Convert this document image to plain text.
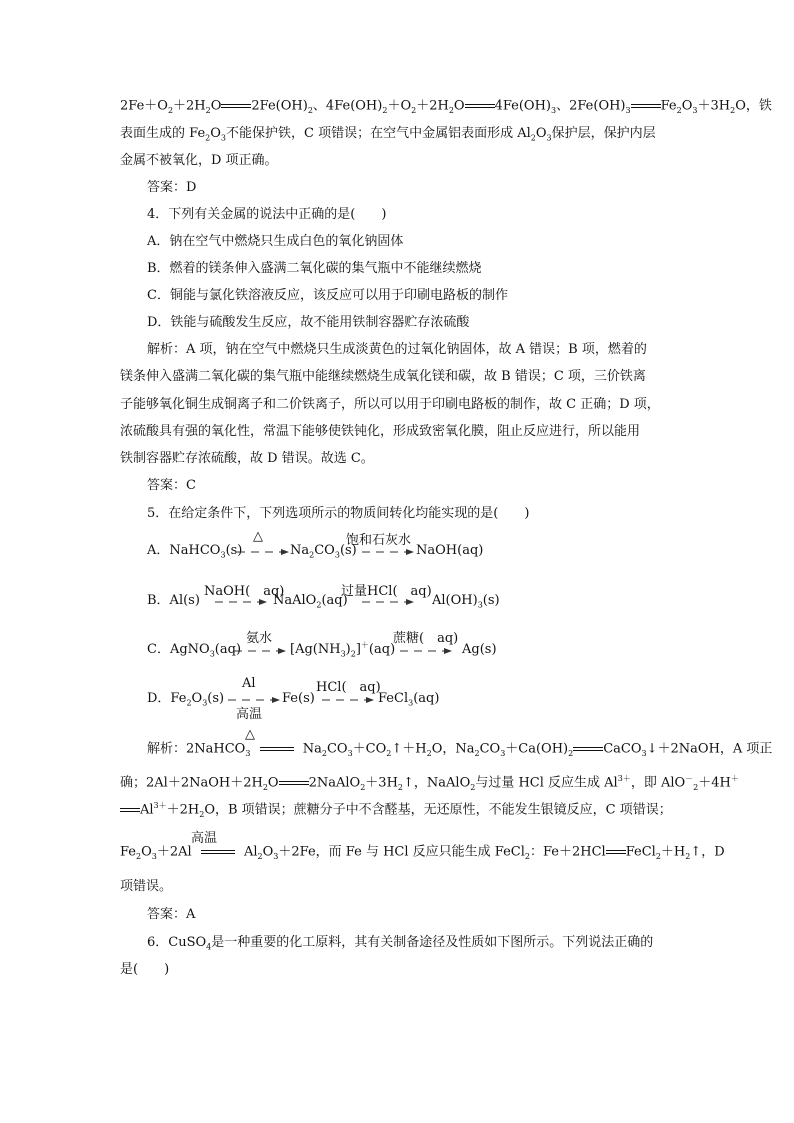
$2Fe+O_2+2H_2O$ $2Fe(OH)_2$、$4Fe(OH)_2+O_2+2H_2O$ $4Fe(OH)_3$、$2Fe(OH)_3$ $Fe_2O_3+3H_2O$，铁
表面生成的 $Fe_2O_3$不能保护铁，C 项错误；在空气中金属铝表面形成 $Al_2O_3$保护层，保护内层
金属不被氧化，D 项正确。
答案：D
4．下列有关金属的说法中正确的是(　　)
A．钠在空气中燃烧只生成白色的氧化钠固体
B．燃着的镁条伸入盛满二氧化碳的集气瓶中不能继续燃烧
C．铜能与氯化铁溶液反应，该反应可以用于印刷电路板的制作
D．铁能与硫酸发生反应，故不能用铁制容器贮存浓硫酸
解析：A 项，钠在空气中燃烧只生成淡黄色的过氧化钠固体，故 A 错误；B 项，燃着的
镁条伸入盛满二氧化碳的集气瓶中能继续燃烧生成氧化镁和碳，故 B 错误；C 项，三价铁离
子能够氧化铜生成铜离子和二价铁离子，所以可以用于印刷电路板的制作，故 C 正确；D 项，
浓硫酸具有强的氧化性，常温下能够使铁钝化，形成致密氧化膜，阻止反应进行，所以能用
铁制容器贮存浓硫酸，故 D 错误。故选 C。
答案：C
5．在给定条件下，下列选项所示的物质间转化均能实现的是(　　)
A．NaHCO$_3$(s)
△
$Na_2CO_3(s)$
饱和石灰水
NaOH(aq)
B．Al(s)
NaOH(　aq)
NaAlO$_2$(aq)
过量HCl(　aq)
$Al(OH)_3(s)$
C．AgNO$_3$(aq)
氨水
$[Ag(NH_3)_2]^+(aq)$
蔗糖(　aq)
Ag(s)
D．$Fe_2O_3(s)$
Al
高温
Fe(s)
HCl(　aq)
FeCl$_3$(aq)
△
解析：2NaHCO$_3$	$Na_2CO_3+CO_2↑+H_2O$，$Na_2CO_3+Ca(OH)_2$ CaCO$_3$↓＋2NaOH，A 项正
确；$2Al+2NaOH+2H_2O$ $2NaAlO_2+3H_2↑$，NaAlO$_2$与过量 HCl 反应生成 $Al^{3+}$，即 AlO－$_2$＋4H＋
$Al^{3+}+2H_2O$，B 项错误；蔗糖分子中不含醛基，无还原性，不能发生银镜反应，C 项错误；
高温
$Fe_2O_3+2Al$	$Al_2O_3+2Fe$，而 Fe 与 HCl 反应只能生成 FeCl$_2$：Fe＋2HCl $FeCl_2+H_2↑$，D
项错误。
答案：A
6．CuSO$_4$是一种重要的化工原料，其有关制备途径及性质如下图所示。下列说法正确的
是(　　)
